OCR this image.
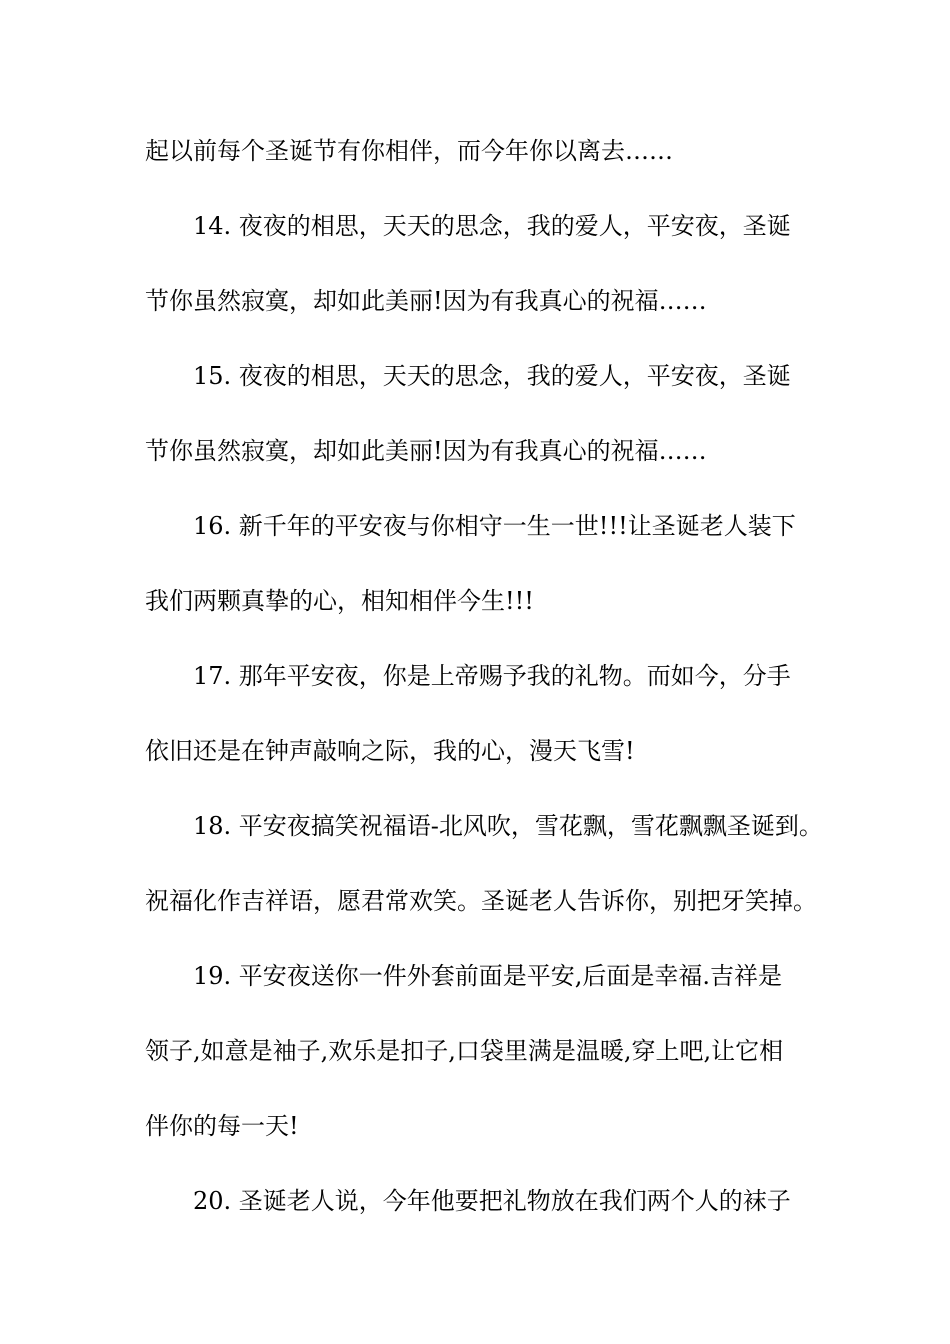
起以前每个圣诞节有你相伴，而今年你以离去……

14. 夜夜的相思，天天的思念，我的爱人，平安夜，圣诞

节你虽然寂寞，却如此美丽!因为有我真心的祝福……

15. 夜夜的相思，天天的思念，我的爱人，平安夜，圣诞

节你虽然寂寞，却如此美丽!因为有我真心的祝福……

16. 新千年的平安夜与你相守一生一世!!!让圣诞老人装下

我们两颗真挚的心，相知相伴今生!!!

17. 那年平安夜，你是上帝赐予我的礼物。而如今，分手

依旧还是在钟声敲响之际，我的心，漫天飞雪!

18. 平安夜搞笑祝福语-北风吹，雪花飘，雪花飘飘圣诞到。

祝福化作吉祥语，愿君常欢笑。圣诞老人告诉你，别把牙笑掉。

19. 平安夜送你一件外套前面是平安,后面是幸福.吉祥是

领子,如意是袖子,欢乐是扣子,口袋里满是温暖,穿上吧,让它相

伴你的每一天!

20. 圣诞老人说，今年他要把礼物放在我们两个人的袜子
